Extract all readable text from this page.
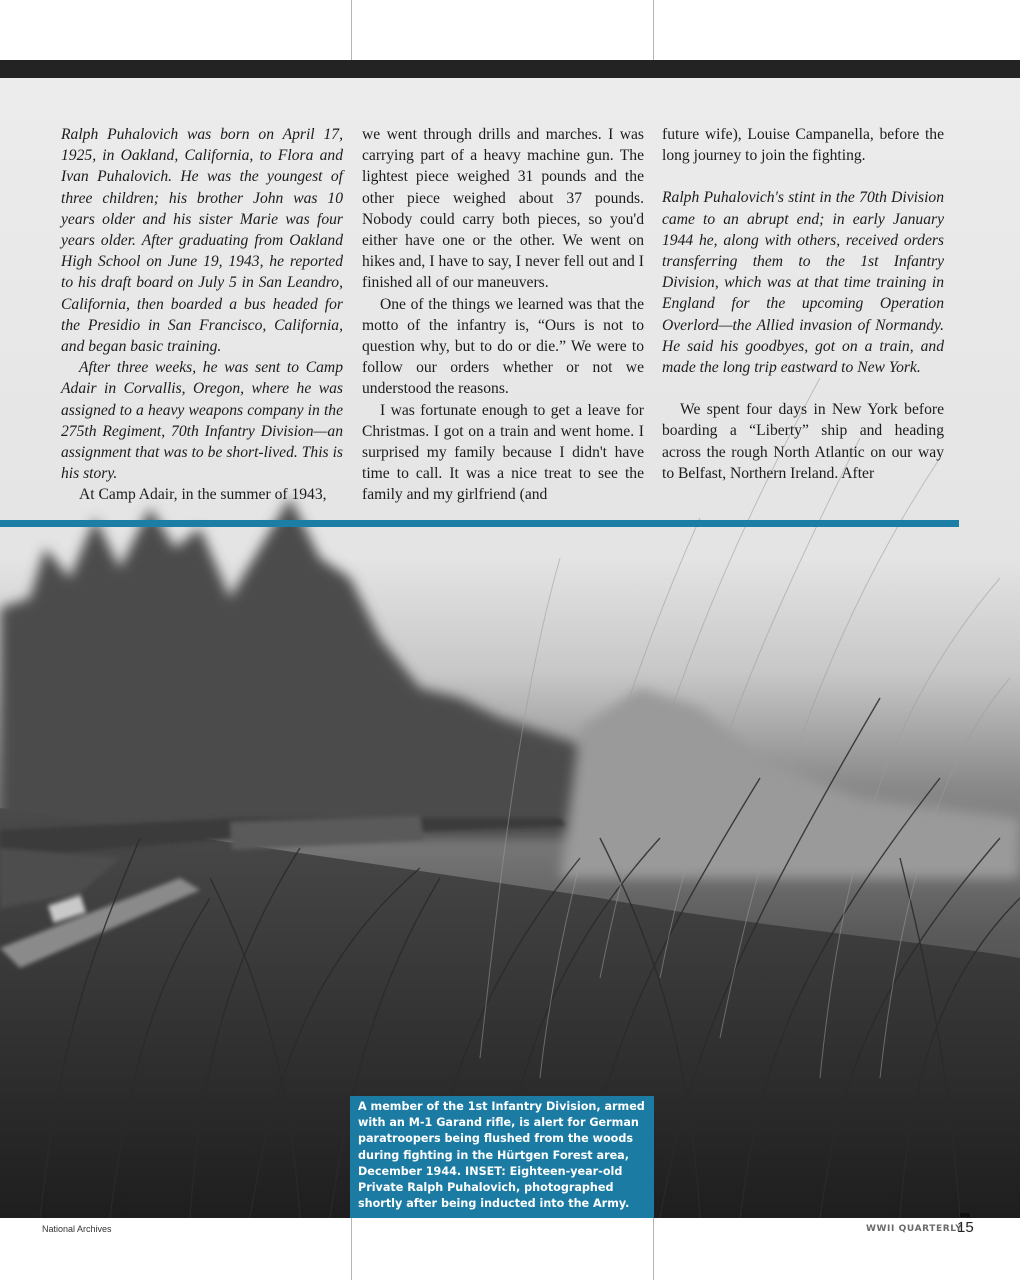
Ralph Puhalovich was born on April 17, 1925, in Oakland, California, to Flora and Ivan Puhalovich. He was the youngest of three children; his brother John was 10 years older and his sister Marie was four years older. After graduating from Oakland High School on June 19, 1943, he reported to his draft board on July 5 in San Leandro, California, then boarded a bus headed for the Presidio in San Francisco, California, and began basic training.

After three weeks, he was sent to Camp Adair in Corvallis, Oregon, where he was assigned to a heavy weapons company in the 275th Regiment, 70th Infantry Division—an assignment that was to be short-lived. This is his story.

At Camp Adair, in the summer of 1943,

we went through drills and marches. I was carrying part of a heavy machine gun. The lightest piece weighed 31 pounds and the other piece weighed about 37 pounds. Nobody could carry both pieces, so you'd either have one or the other. We went on hikes and, I have to say, I never fell out and I finished all of our maneuvers.

One of the things we learned was that the motto of the infantry is, “Ours is not to question why, but to do or die.” We were to follow our orders whether or not we understood the reasons.

I was fortunate enough to get a leave for Christmas. I got on a train and went home. I surprised my family because I didn't have time to call. It was a nice treat to see the family and my girlfriend (and

future wife), Louise Campanella, before the long journey to join the fighting.

Ralph Puhalovich's stint in the 70th Division came to an abrupt end; in early January 1944 he, along with others, received orders transferring them to the 1st Infantry Division, which was at that time training in England for the upcoming Operation Overlord—the Allied invasion of Normandy. He said his goodbyes, got on a train, and made the long trip eastward to New York.

We spent four days in New York before boarding a “Liberty” ship and heading across the rough North Atlantic on our way to Belfast, Northern Ireland. After

A member of the 1st Infantry Division, armed with an M-1 Garand rifle, is alert for German paratroopers being flushed from the woods during fighting in the Hürtgen Forest area, December 1944. INSET: Eighteen-year-old Private Ralph Puhalovich, photographed shortly after being inducted into the Army.
National Archives	WWII QUARTERLY
15
